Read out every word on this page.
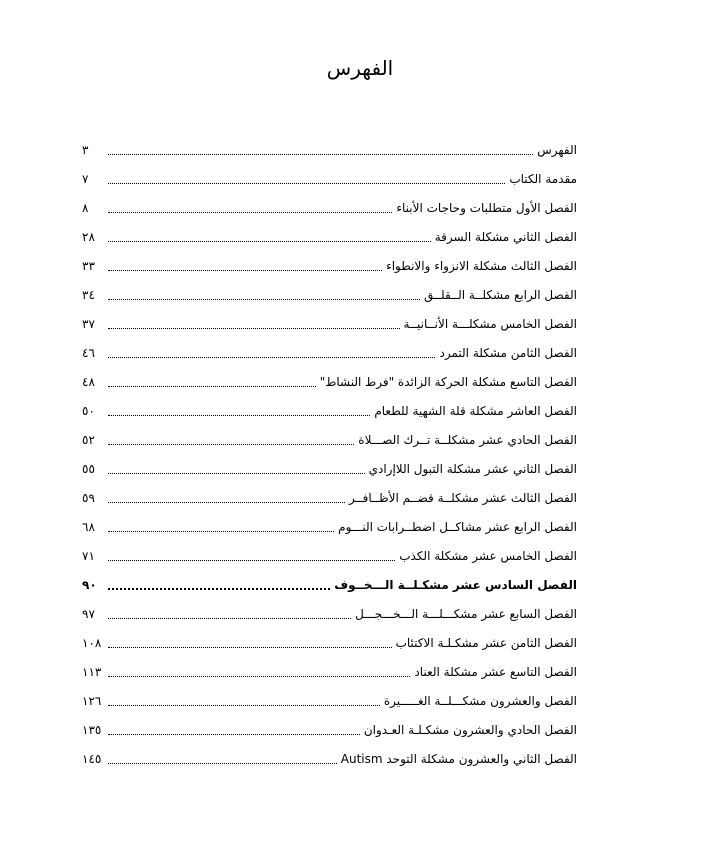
الفهرس
الفهرس
٣
مقدمة الكتاب
٧
الفصل الأول متطلبات وحاجات الأبناء
٨
الفصل الثاني مشكلة السرقة
٢٨
الفصل الثالث مشكلة الانزواء والانطواء
٣٣
الفصل الرابع مشكلــة الــقلــق
٣٤
الفصل الخامس مشكلـــة الأنــانيــة
٣٧
الفصل الثامن مشكلة التمرد
٤٦
الفصل التاسع مشكلة الحركة الزائدة "فرط النشاط"
٤٨
الفصل العاشر مشكلة قلة الشهية للطعام
٥٠
الفصل الحادي عشر مشكلــة تــرك الصـــلاة
٥٢
الفصل الثاني عشر مشكلة التبول اللاإرادي
٥٥
الفصل الثالث عشر مشكلــة قضــم الأظــافــر
٥٩
الفصل الرابع عشر مشاكــل اضطــرابات النـــوم
٦٨
الفصل الخامس عشر مشكلة الكذب
٧١
الفصل السادس عشر مشكـلــة الـــخــوف
٩٠
الفصل السابع عشر مشكـــلـــة الـــخـــجـــل
٩٧
الفصل الثامن عشر مشكـلـة الاكتئاب
١٠٨
الفصل التاسع عشر مشكلة العناد
١١٣
الفصل والعشرون مشكـــلــة الغـــــيرة
١٢٦
الفصل الحادي والعشرون مشكـلـة العـدوان
١٣٥
الفصل الثاني والعشرون مشكلة التوحد Autism
١٤٥
